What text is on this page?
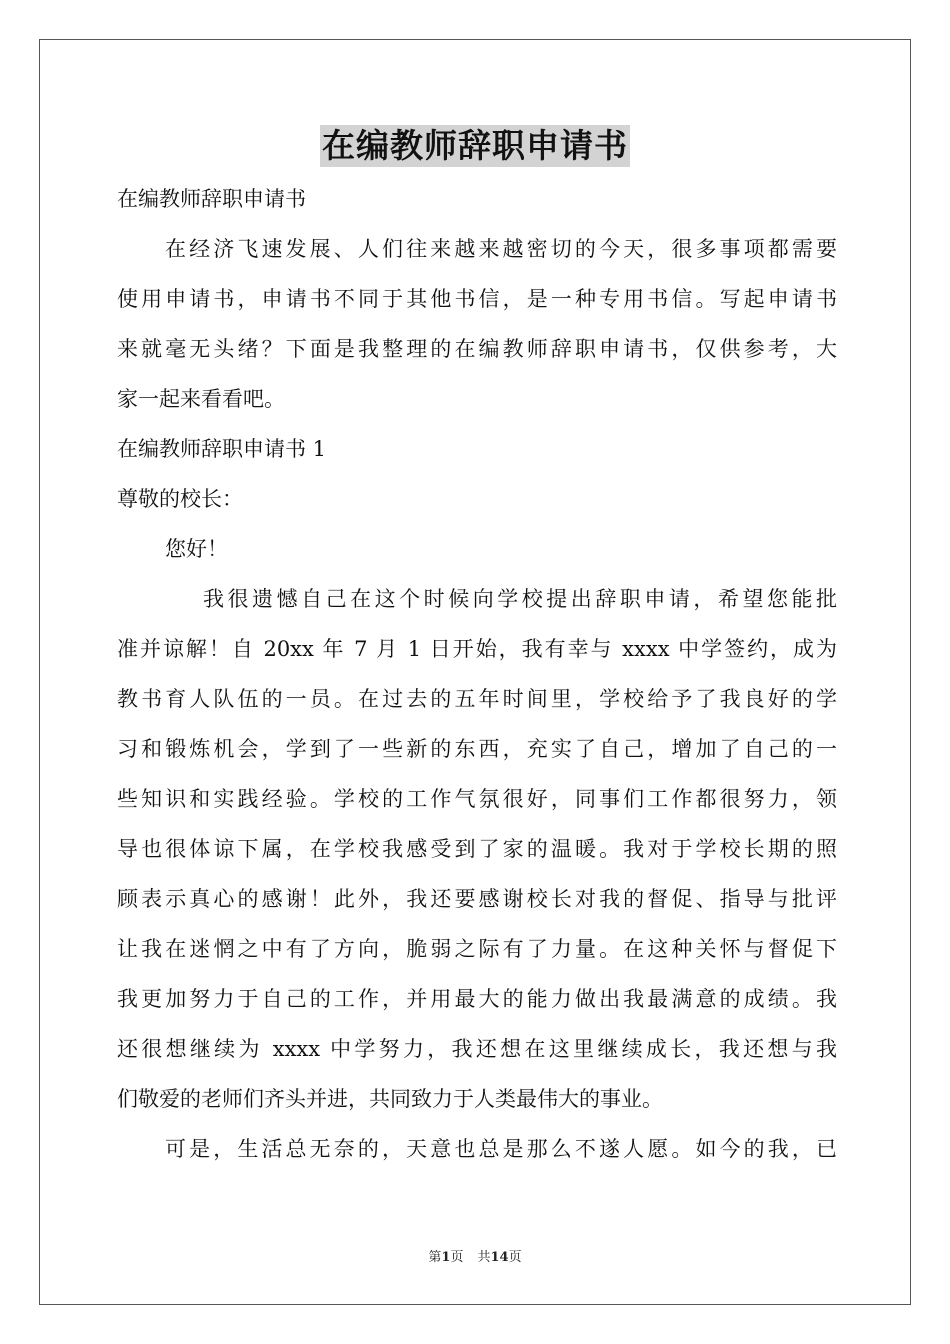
在编教师辞职申请书
在编教师辞职申请书
在经济飞速发展、人们往来越来越密切的今天，很多事项都需要
使用申请书，申请书不同于其他书信，是一种专用书信。写起申请书
来就毫无头绪？下面是我整理的在编教师辞职申请书，仅供参考，大
家一起来看看吧。
在编教师辞职申请书 1
尊敬的校长：
您好！
我很遗憾自己在这个时候向学校提出辞职申请，希望您能批
准并谅解！自 20xx 年 7 月 1 日开始，我有幸与 xxxx 中学签约，成为
教书育人队伍的一员。在过去的五年时间里，学校给予了我良好的学
习和锻炼机会，学到了一些新的东西，充实了自己，增加了自己的一
些知识和实践经验。学校的工作气氛很好，同事们工作都很努力，领
导也很体谅下属，在学校我感受到了家的温暖。我对于学校长期的照
顾表示真心的感谢！此外，我还要感谢校长对我的督促、指导与批评
让我在迷惘之中有了方向，脆弱之际有了力量。在这种关怀与督促下
我更加努力于自己的工作，并用最大的能力做出我最满意的成绩。我
还很想继续为 xxxx 中学努力，我还想在这里继续成长，我还想与我
们敬爱的老师们齐头并进，共同致力于人类最伟大的事业。
可是，生活总无奈的，天意也总是那么不遂人愿。如今的我，已
第1页 共14页
